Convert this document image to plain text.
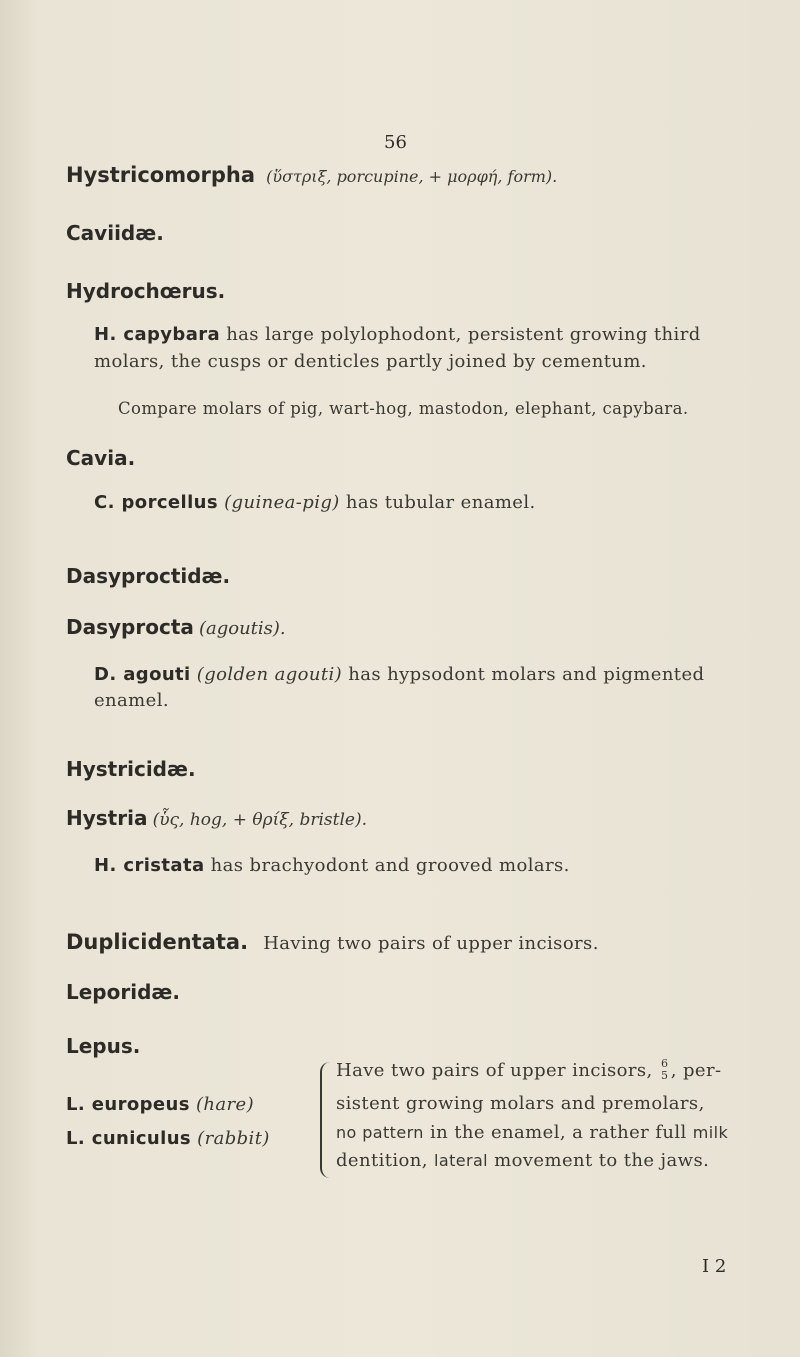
56
Hystricomorpha (ὕστριξ, porcupine, + μορφή, form).
Caviidæ.
Hydrochœrus.
H. capybara has large polylophodont, persistent growing third
molars, the cusps or denticles partly joined by cementum.
Compare molars of pig, wart-hog, mastodon, elephant, capybara.
Cavia.
C. porcellus (guinea-pig) has tubular enamel.
Dasyproctidæ.
Dasyprocta (agoutis).
D. agouti (golden agouti) has hypsodont molars and pigmented
enamel.
Hystricidæ.
Hystria (ὗς, hog, + θρίξ, bristle).
H. cristata has brachyodont and grooved molars.
Duplicidentata. Having two pairs of upper incisors.
Leporidæ.
Lepus.
L. europeus (hare)
L. cuniculus (rabbit)
Have two pairs of upper incisors, 6
5 , per-
sistent growing molars and premolars,
no pattern in the enamel, a rather full milk
dentition, lateral movement to the jaws.
I 2
